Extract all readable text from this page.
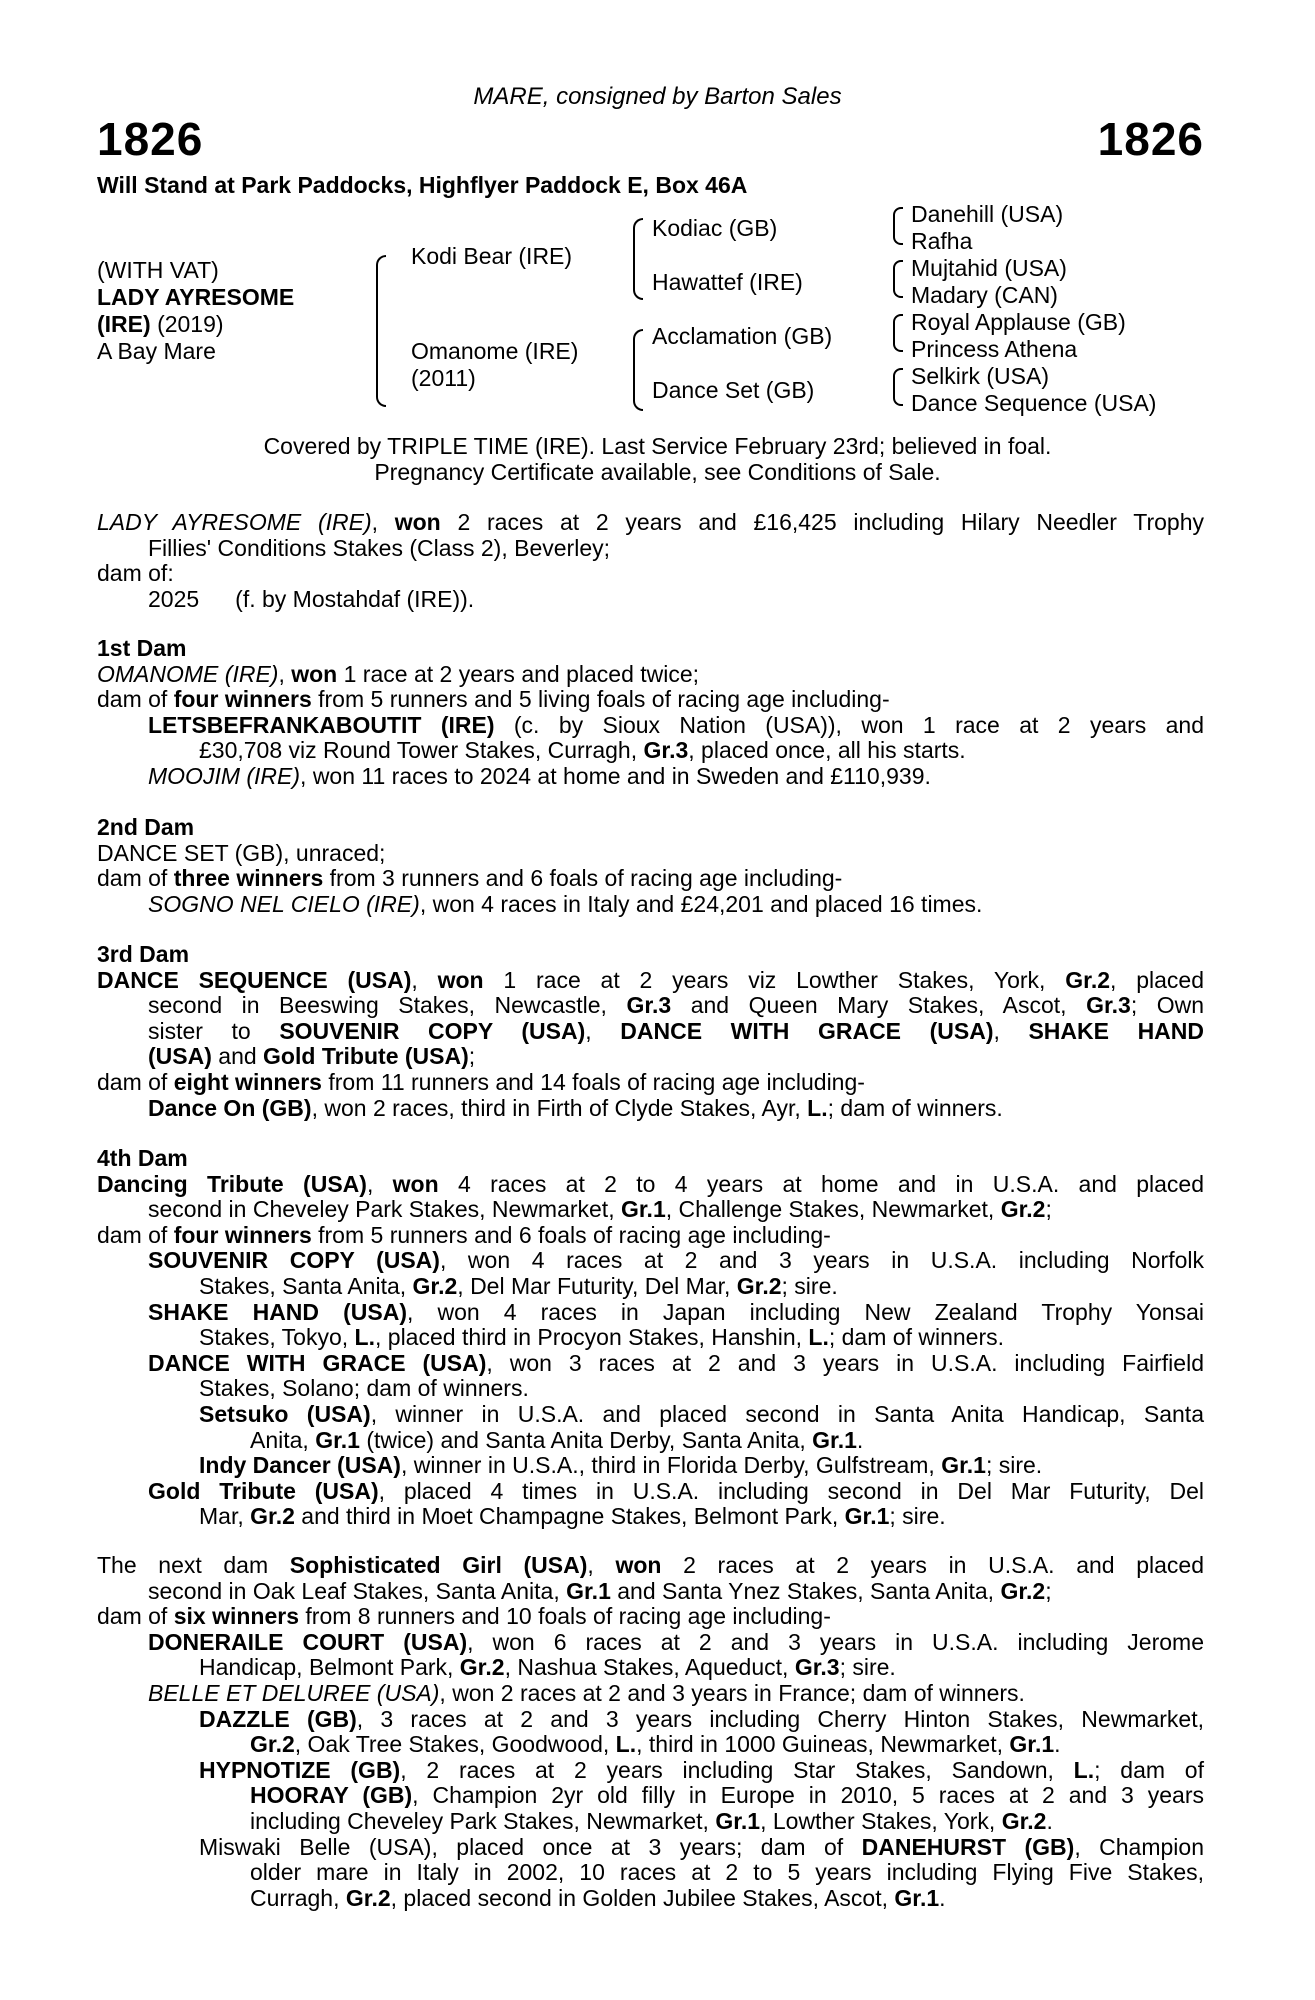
MARE, consigned by Barton Sales
1826	1826
Will Stand at Park Paddocks, Highflyer Paddock E, Box 46A
(WITH VAT)
LADY AYRESOME
(IRE) (2019)
A Bay Mare
Kodi Bear (IRE)
Omanome (IRE)
(2011)
Kodiac (GB)
Hawattef (IRE)
Acclamation (GB)
Dance Set (GB)
Danehill (USA)
Rafha
Mujtahid (USA)
Madary (CAN)
Royal Applause (GB)
Princess Athena
Selkirk (USA)
Dance Sequence (USA)
Covered by TRIPLE TIME (IRE). Last Service February 23rd; believed in foal.
Pregnancy Certificate available, see Conditions of Sale.
LADY AYRESOME (IRE), won 2 races at 2 years and £16,425 including Hilary Needler Trophy
Fillies' Conditions Stakes (Class 2), Beverley;
dam of:
2025 (f. by Mostahdaf (IRE)).
1st Dam
OMANOME (IRE), won 1 race at 2 years and placed twice;
dam of four winners from 5 runners and 5 living foals of racing age including-
LETSBEFRANKABOUTIT (IRE) (c. by Sioux Nation (USA)), won 1 race at 2 years and
£30,708 viz Round Tower Stakes, Curragh, Gr.3, placed once, all his starts.
MOOJIM (IRE), won 11 races to 2024 at home and in Sweden and £110,939.
2nd Dam
DANCE SET (GB), unraced;
dam of three winners from 3 runners and 6 foals of racing age including-
SOGNO NEL CIELO (IRE), won 4 races in Italy and £24,201 and placed 16 times.
3rd Dam
DANCE SEQUENCE (USA), won 1 race at 2 years viz Lowther Stakes, York, Gr.2, placed
second in Beeswing Stakes, Newcastle, Gr.3 and Queen Mary Stakes, Ascot, Gr.3; Own
sister to SOUVENIR COPY (USA), DANCE WITH GRACE (USA), SHAKE HAND
(USA) and Gold Tribute (USA);
dam of eight winners from 11 runners and 14 foals of racing age including-
Dance On (GB), won 2 races, third in Firth of Clyde Stakes, Ayr, L.; dam of winners.
4th Dam
Dancing Tribute (USA), won 4 races at 2 to 4 years at home and in U.S.A. and placed
second in Cheveley Park Stakes, Newmarket, Gr.1, Challenge Stakes, Newmarket, Gr.2;
dam of four winners from 5 runners and 6 foals of racing age including-
SOUVENIR COPY (USA), won 4 races at 2 and 3 years in U.S.A. including Norfolk
Stakes, Santa Anita, Gr.2, Del Mar Futurity, Del Mar, Gr.2; sire.
SHAKE HAND (USA), won 4 races in Japan including New Zealand Trophy Yonsai
Stakes, Tokyo, L., placed third in Procyon Stakes, Hanshin, L.; dam of winners.
DANCE WITH GRACE (USA), won 3 races at 2 and 3 years in U.S.A. including Fairfield
Stakes, Solano; dam of winners.
Setsuko (USA), winner in U.S.A. and placed second in Santa Anita Handicap, Santa
Anita, Gr.1 (twice) and Santa Anita Derby, Santa Anita, Gr.1.
Indy Dancer (USA), winner in U.S.A., third in Florida Derby, Gulfstream, Gr.1; sire.
Gold Tribute (USA), placed 4 times in U.S.A. including second in Del Mar Futurity, Del
Mar, Gr.2 and third in Moet Champagne Stakes, Belmont Park, Gr.1; sire.
The next dam Sophisticated Girl (USA), won 2 races at 2 years in U.S.A. and placed
second in Oak Leaf Stakes, Santa Anita, Gr.1 and Santa Ynez Stakes, Santa Anita, Gr.2;
dam of six winners from 8 runners and 10 foals of racing age including-
DONERAILE COURT (USA), won 6 races at 2 and 3 years in U.S.A. including Jerome
Handicap, Belmont Park, Gr.2, Nashua Stakes, Aqueduct, Gr.3; sire.
BELLE ET DELUREE (USA), won 2 races at 2 and 3 years in France; dam of winners.
DAZZLE (GB), 3 races at 2 and 3 years including Cherry Hinton Stakes, Newmarket,
Gr.2, Oak Tree Stakes, Goodwood, L., third in 1000 Guineas, Newmarket, Gr.1.
HYPNOTIZE (GB), 2 races at 2 years including Star Stakes, Sandown, L.; dam of
HOORAY (GB), Champion 2yr old filly in Europe in 2010, 5 races at 2 and 3 years
including Cheveley Park Stakes, Newmarket, Gr.1, Lowther Stakes, York, Gr.2.
Miswaki Belle (USA), placed once at 3 years; dam of DANEHURST (GB), Champion
older mare in Italy in 2002, 10 races at 2 to 5 years including Flying Five Stakes,
Curragh, Gr.2, placed second in Golden Jubilee Stakes, Ascot, Gr.1.
